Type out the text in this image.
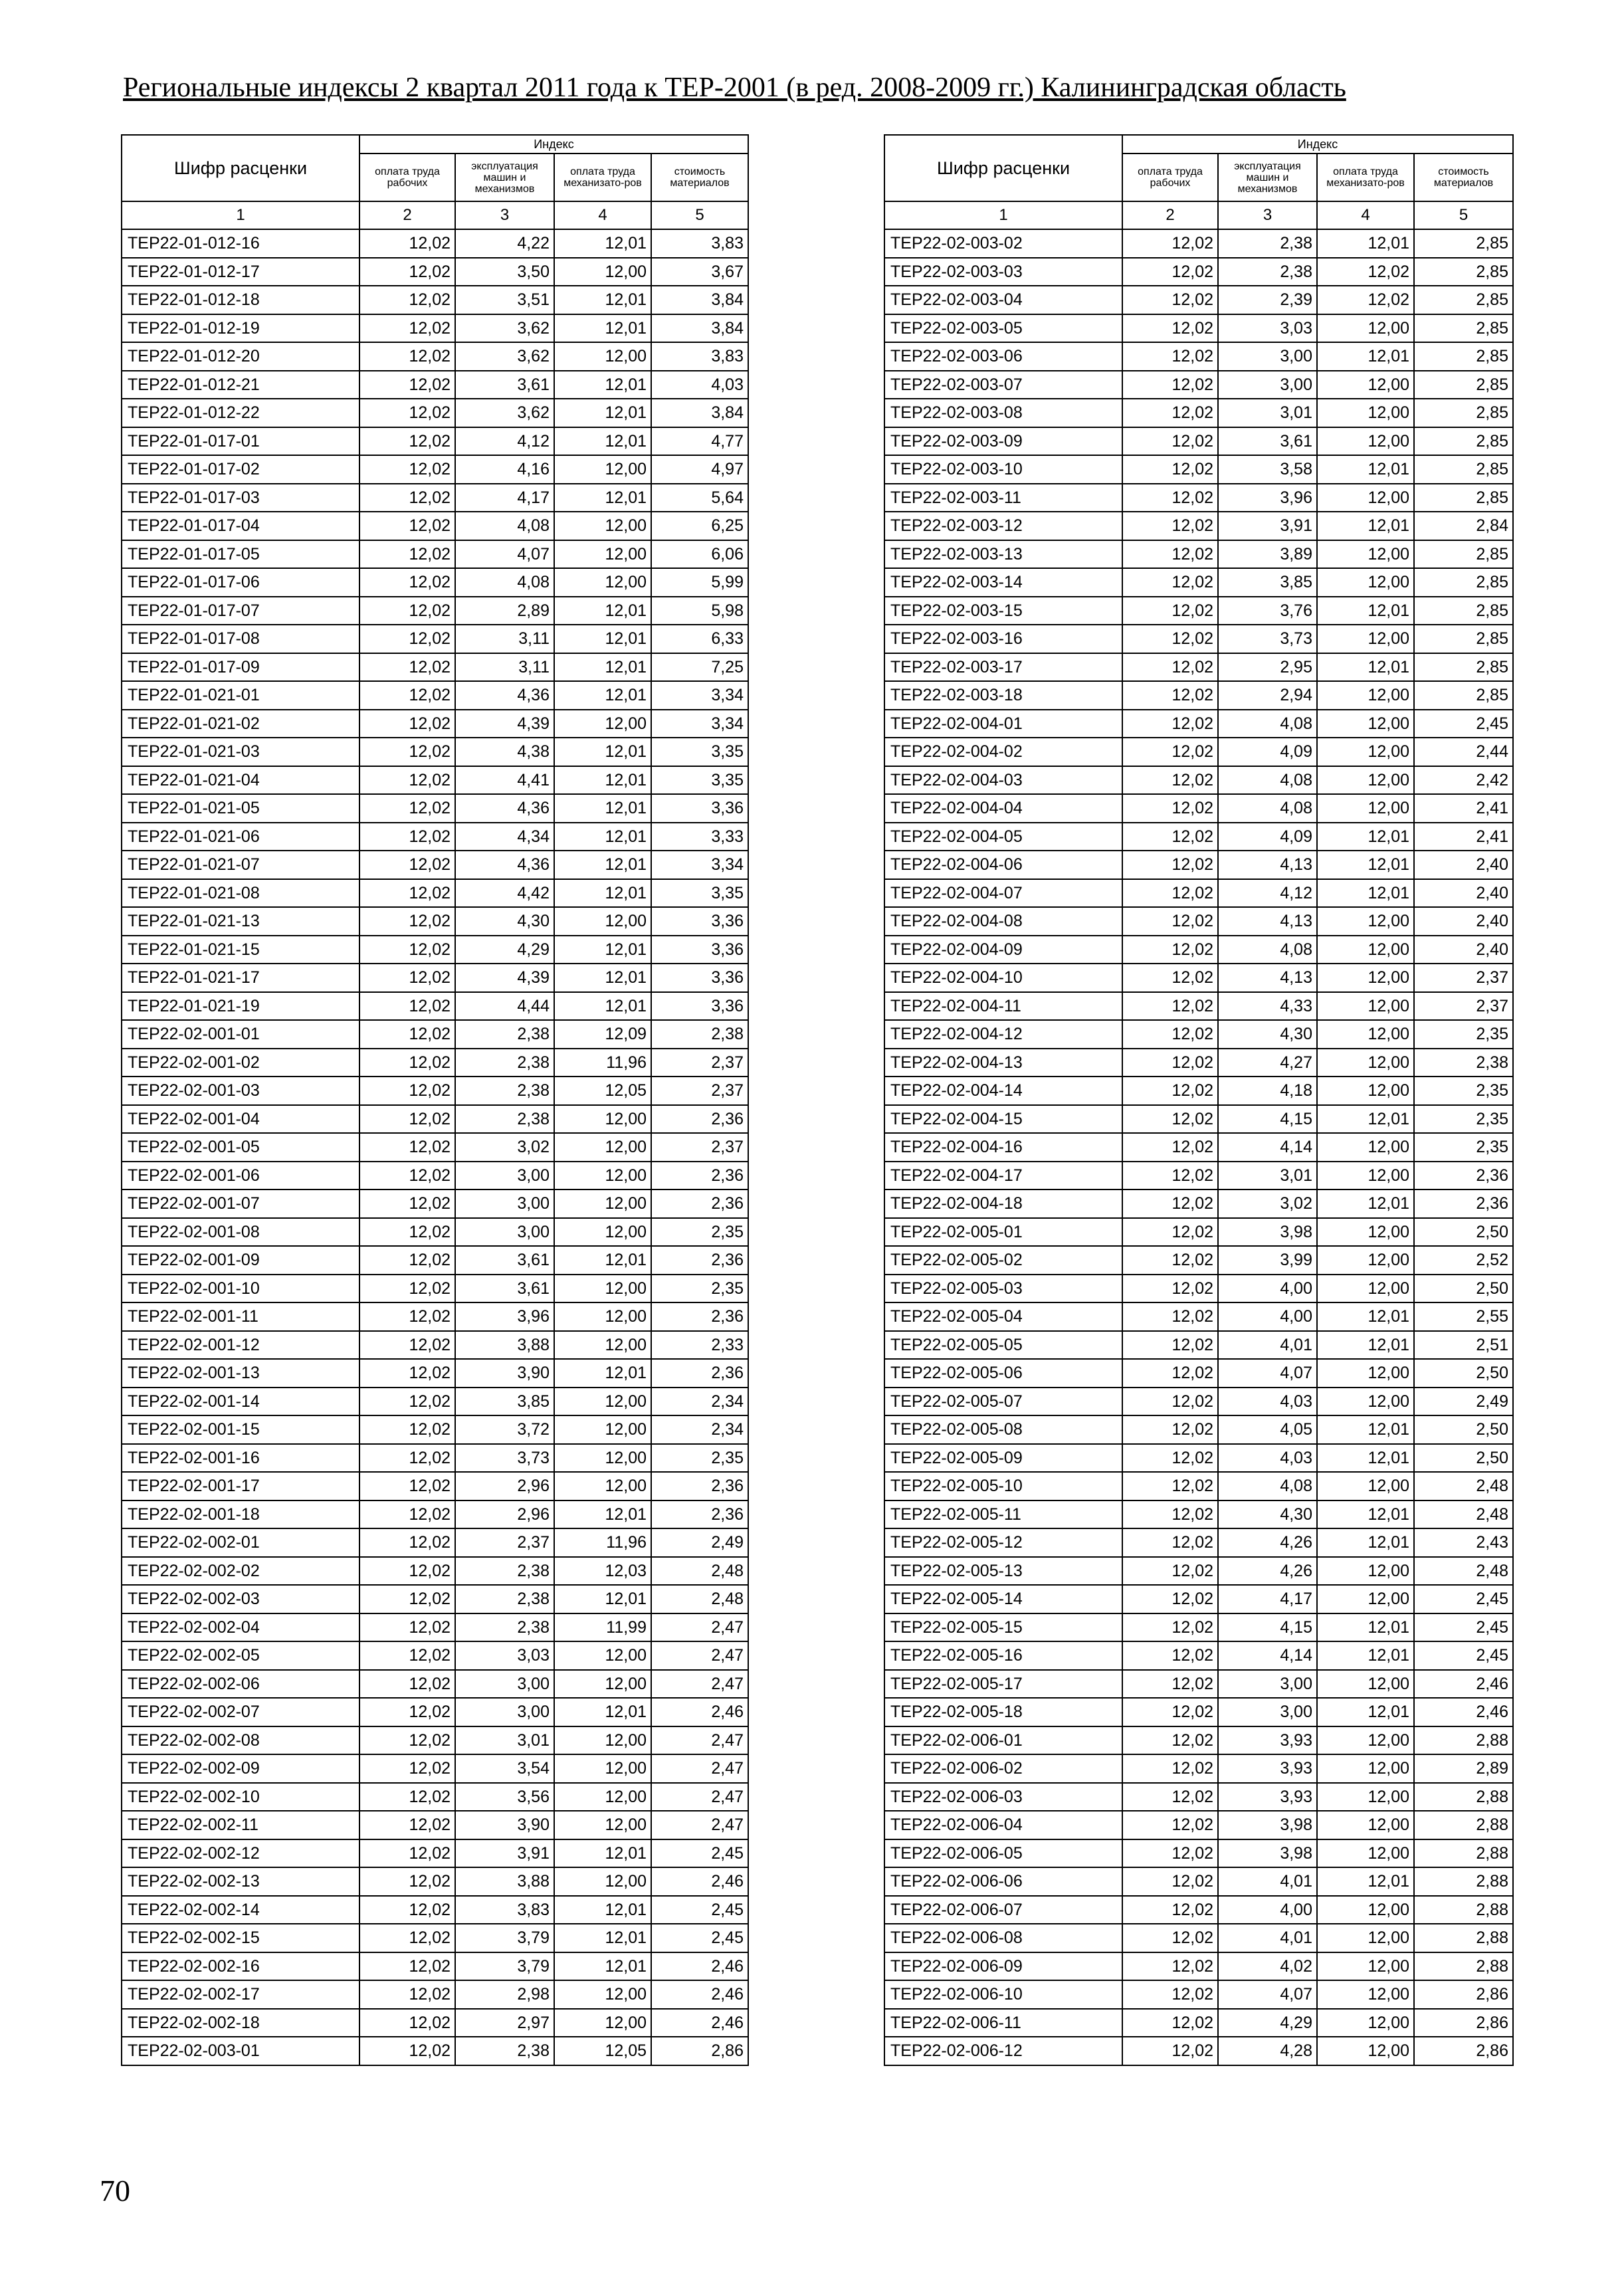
Региональные индексы 2 квартал 2011 года к ТЕР-2001 (в ред. 2008-2009 гг.) Калининградская область
Шифр расценки	Индекс			
	оплата труда рабочих	эксплуатация машин и механизмов	оплата труда механизато-ров	стоимость материалов
1	2	3	4	5
ТЕР22-01-012-16	12,02	4,22	12,01	3,83
ТЕР22-01-012-17	12,02	3,50	12,00	3,67
ТЕР22-01-012-18	12,02	3,51	12,01	3,84
ТЕР22-01-012-19	12,02	3,62	12,01	3,84
ТЕР22-01-012-20	12,02	3,62	12,00	3,83
ТЕР22-01-012-21	12,02	3,61	12,01	4,03
ТЕР22-01-012-22	12,02	3,62	12,01	3,84
ТЕР22-01-017-01	12,02	4,12	12,01	4,77
ТЕР22-01-017-02	12,02	4,16	12,00	4,97
ТЕР22-01-017-03	12,02	4,17	12,01	5,64
ТЕР22-01-017-04	12,02	4,08	12,00	6,25
ТЕР22-01-017-05	12,02	4,07	12,00	6,06
ТЕР22-01-017-06	12,02	4,08	12,00	5,99
ТЕР22-01-017-07	12,02	2,89	12,01	5,98
ТЕР22-01-017-08	12,02	3,11	12,01	6,33
ТЕР22-01-017-09	12,02	3,11	12,01	7,25
ТЕР22-01-021-01	12,02	4,36	12,01	3,34
ТЕР22-01-021-02	12,02	4,39	12,00	3,34
ТЕР22-01-021-03	12,02	4,38	12,01	3,35
ТЕР22-01-021-04	12,02	4,41	12,01	3,35
ТЕР22-01-021-05	12,02	4,36	12,01	3,36
ТЕР22-01-021-06	12,02	4,34	12,01	3,33
ТЕР22-01-021-07	12,02	4,36	12,01	3,34
ТЕР22-01-021-08	12,02	4,42	12,01	3,35
ТЕР22-01-021-13	12,02	4,30	12,00	3,36
ТЕР22-01-021-15	12,02	4,29	12,01	3,36
ТЕР22-01-021-17	12,02	4,39	12,01	3,36
ТЕР22-01-021-19	12,02	4,44	12,01	3,36
ТЕР22-02-001-01	12,02	2,38	12,09	2,38
ТЕР22-02-001-02	12,02	2,38	11,96	2,37
ТЕР22-02-001-03	12,02	2,38	12,05	2,37
ТЕР22-02-001-04	12,02	2,38	12,00	2,36
ТЕР22-02-001-05	12,02	3,02	12,00	2,37
ТЕР22-02-001-06	12,02	3,00	12,00	2,36
ТЕР22-02-001-07	12,02	3,00	12,00	2,36
ТЕР22-02-001-08	12,02	3,00	12,00	2,35
ТЕР22-02-001-09	12,02	3,61	12,01	2,36
ТЕР22-02-001-10	12,02	3,61	12,00	2,35
ТЕР22-02-001-11	12,02	3,96	12,00	2,36
ТЕР22-02-001-12	12,02	3,88	12,00	2,33
ТЕР22-02-001-13	12,02	3,90	12,01	2,36
ТЕР22-02-001-14	12,02	3,85	12,00	2,34
ТЕР22-02-001-15	12,02	3,72	12,00	2,34
ТЕР22-02-001-16	12,02	3,73	12,00	2,35
ТЕР22-02-001-17	12,02	2,96	12,00	2,36
ТЕР22-02-001-18	12,02	2,96	12,01	2,36
ТЕР22-02-002-01	12,02	2,37	11,96	2,49
ТЕР22-02-002-02	12,02	2,38	12,03	2,48
ТЕР22-02-002-03	12,02	2,38	12,01	2,48
ТЕР22-02-002-04	12,02	2,38	11,99	2,47
ТЕР22-02-002-05	12,02	3,03	12,00	2,47
ТЕР22-02-002-06	12,02	3,00	12,00	2,47
ТЕР22-02-002-07	12,02	3,00	12,01	2,46
ТЕР22-02-002-08	12,02	3,01	12,00	2,47
ТЕР22-02-002-09	12,02	3,54	12,00	2,47
ТЕР22-02-002-10	12,02	3,56	12,00	2,47
ТЕР22-02-002-11	12,02	3,90	12,00	2,47
ТЕР22-02-002-12	12,02	3,91	12,01	2,45
ТЕР22-02-002-13	12,02	3,88	12,00	2,46
ТЕР22-02-002-14	12,02	3,83	12,01	2,45
ТЕР22-02-002-15	12,02	3,79	12,01	2,45
ТЕР22-02-002-16	12,02	3,79	12,01	2,46
ТЕР22-02-002-17	12,02	2,98	12,00	2,46
ТЕР22-02-002-18	12,02	2,97	12,00	2,46
ТЕР22-02-003-01	12,02	2,38	12,05	2,86
Шифр расценки	Индекс			
	оплата труда рабочих	эксплуатация машин и механизмов	оплата труда механизато-ров	стоимость материалов
1	2	3	4	5
ТЕР22-02-003-02	12,02	2,38	12,01	2,85
ТЕР22-02-003-03	12,02	2,38	12,02	2,85
ТЕР22-02-003-04	12,02	2,39	12,02	2,85
ТЕР22-02-003-05	12,02	3,03	12,00	2,85
ТЕР22-02-003-06	12,02	3,00	12,01	2,85
ТЕР22-02-003-07	12,02	3,00	12,00	2,85
ТЕР22-02-003-08	12,02	3,01	12,00	2,85
ТЕР22-02-003-09	12,02	3,61	12,00	2,85
ТЕР22-02-003-10	12,02	3,58	12,01	2,85
ТЕР22-02-003-11	12,02	3,96	12,00	2,85
ТЕР22-02-003-12	12,02	3,91	12,01	2,84
ТЕР22-02-003-13	12,02	3,89	12,00	2,85
ТЕР22-02-003-14	12,02	3,85	12,00	2,85
ТЕР22-02-003-15	12,02	3,76	12,01	2,85
ТЕР22-02-003-16	12,02	3,73	12,00	2,85
ТЕР22-02-003-17	12,02	2,95	12,01	2,85
ТЕР22-02-003-18	12,02	2,94	12,00	2,85
ТЕР22-02-004-01	12,02	4,08	12,00	2,45
ТЕР22-02-004-02	12,02	4,09	12,00	2,44
ТЕР22-02-004-03	12,02	4,08	12,00	2,42
ТЕР22-02-004-04	12,02	4,08	12,00	2,41
ТЕР22-02-004-05	12,02	4,09	12,01	2,41
ТЕР22-02-004-06	12,02	4,13	12,01	2,40
ТЕР22-02-004-07	12,02	4,12	12,01	2,40
ТЕР22-02-004-08	12,02	4,13	12,00	2,40
ТЕР22-02-004-09	12,02	4,08	12,00	2,40
ТЕР22-02-004-10	12,02	4,13	12,00	2,37
ТЕР22-02-004-11	12,02	4,33	12,00	2,37
ТЕР22-02-004-12	12,02	4,30	12,00	2,35
ТЕР22-02-004-13	12,02	4,27	12,00	2,38
ТЕР22-02-004-14	12,02	4,18	12,00	2,35
ТЕР22-02-004-15	12,02	4,15	12,01	2,35
ТЕР22-02-004-16	12,02	4,14	12,00	2,35
ТЕР22-02-004-17	12,02	3,01	12,00	2,36
ТЕР22-02-004-18	12,02	3,02	12,01	2,36
ТЕР22-02-005-01	12,02	3,98	12,00	2,50
ТЕР22-02-005-02	12,02	3,99	12,00	2,52
ТЕР22-02-005-03	12,02	4,00	12,00	2,50
ТЕР22-02-005-04	12,02	4,00	12,01	2,55
ТЕР22-02-005-05	12,02	4,01	12,01	2,51
ТЕР22-02-005-06	12,02	4,07	12,00	2,50
ТЕР22-02-005-07	12,02	4,03	12,00	2,49
ТЕР22-02-005-08	12,02	4,05	12,01	2,50
ТЕР22-02-005-09	12,02	4,03	12,01	2,50
ТЕР22-02-005-10	12,02	4,08	12,00	2,48
ТЕР22-02-005-11	12,02	4,30	12,01	2,48
ТЕР22-02-005-12	12,02	4,26	12,01	2,43
ТЕР22-02-005-13	12,02	4,26	12,00	2,48
ТЕР22-02-005-14	12,02	4,17	12,00	2,45
ТЕР22-02-005-15	12,02	4,15	12,01	2,45
ТЕР22-02-005-16	12,02	4,14	12,01	2,45
ТЕР22-02-005-17	12,02	3,00	12,00	2,46
ТЕР22-02-005-18	12,02	3,00	12,01	2,46
ТЕР22-02-006-01	12,02	3,93	12,00	2,88
ТЕР22-02-006-02	12,02	3,93	12,00	2,89
ТЕР22-02-006-03	12,02	3,93	12,00	2,88
ТЕР22-02-006-04	12,02	3,98	12,00	2,88
ТЕР22-02-006-05	12,02	3,98	12,00	2,88
ТЕР22-02-006-06	12,02	4,01	12,01	2,88
ТЕР22-02-006-07	12,02	4,00	12,00	2,88
ТЕР22-02-006-08	12,02	4,01	12,00	2,88
ТЕР22-02-006-09	12,02	4,02	12,00	2,88
ТЕР22-02-006-10	12,02	4,07	12,00	2,86
ТЕР22-02-006-11	12,02	4,29	12,00	2,86
ТЕР22-02-006-12	12,02	4,28	12,00	2,86
70
